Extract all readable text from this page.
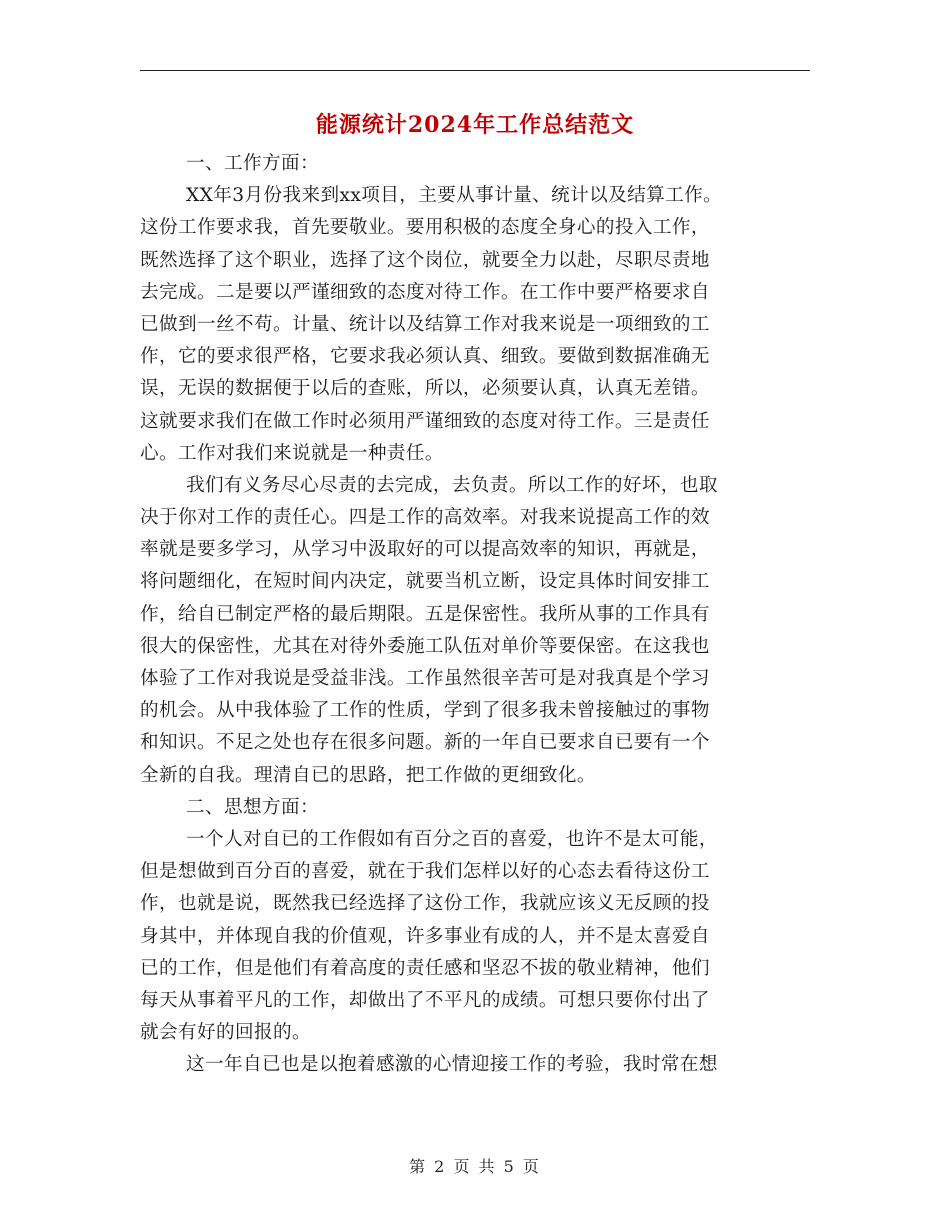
能源统计2024年工作总结范文
一、工作方面：
XX年3月份我来到xx项目，主要从事计量、统计以及结算工作。
这份工作要求我，首先要敬业。要用积极的态度全身心的投入工作，
既然选择了这个职业，选择了这个岗位，就要全力以赴，尽职尽责地
去完成。二是要以严谨细致的态度对待工作。在工作中要严格要求自
已做到一丝不苟。计量、统计以及结算工作对我来说是一项细致的工
作，它的要求很严格，它要求我必须认真、细致。要做到数据准确无
误，无误的数据便于以后的查账，所以，必须要认真，认真无差错。
这就要求我们在做工作时必须用严谨细致的态度对待工作。三是责任
心。工作对我们来说就是一种责任。
我们有义务尽心尽责的去完成，去负责。所以工作的好坏，也取
决于你对工作的责任心。四是工作的高效率。对我来说提高工作的效
率就是要多学习，从学习中汲取好的可以提高效率的知识，再就是，
将问题细化，在短时间内决定，就要当机立断，设定具体时间安排工
作，给自已制定严格的最后期限。五是保密性。我所从事的工作具有
很大的保密性，尤其在对待外委施工队伍对单价等要保密。在这我也
体验了工作对我说是受益非浅。工作虽然很辛苦可是对我真是个学习
的机会。从中我体验了工作的性质，学到了很多我未曾接触过的事物
和知识。不足之处也存在很多问题。新的一年自已要求自已要有一个
全新的自我。理清自已的思路，把工作做的更细致化。
二、思想方面：
一个人对自已的工作假如有百分之百的喜爱，也许不是太可能，
但是想做到百分百的喜爱，就在于我们怎样以好的心态去看待这份工
作，也就是说，既然我已经选择了这份工作，我就应该义无反顾的投
身其中，并体现自我的价值观，许多事业有成的人，并不是太喜爱自
已的工作，但是他们有着高度的责任感和坚忍不拔的敬业精神，他们
每天从事着平凡的工作，却做出了不平凡的成绩。可想只要你付出了
就会有好的回报的。
这一年自已也是以抱着感激的心情迎接工作的考验，我时常在想
第 2 页 共 5 页
